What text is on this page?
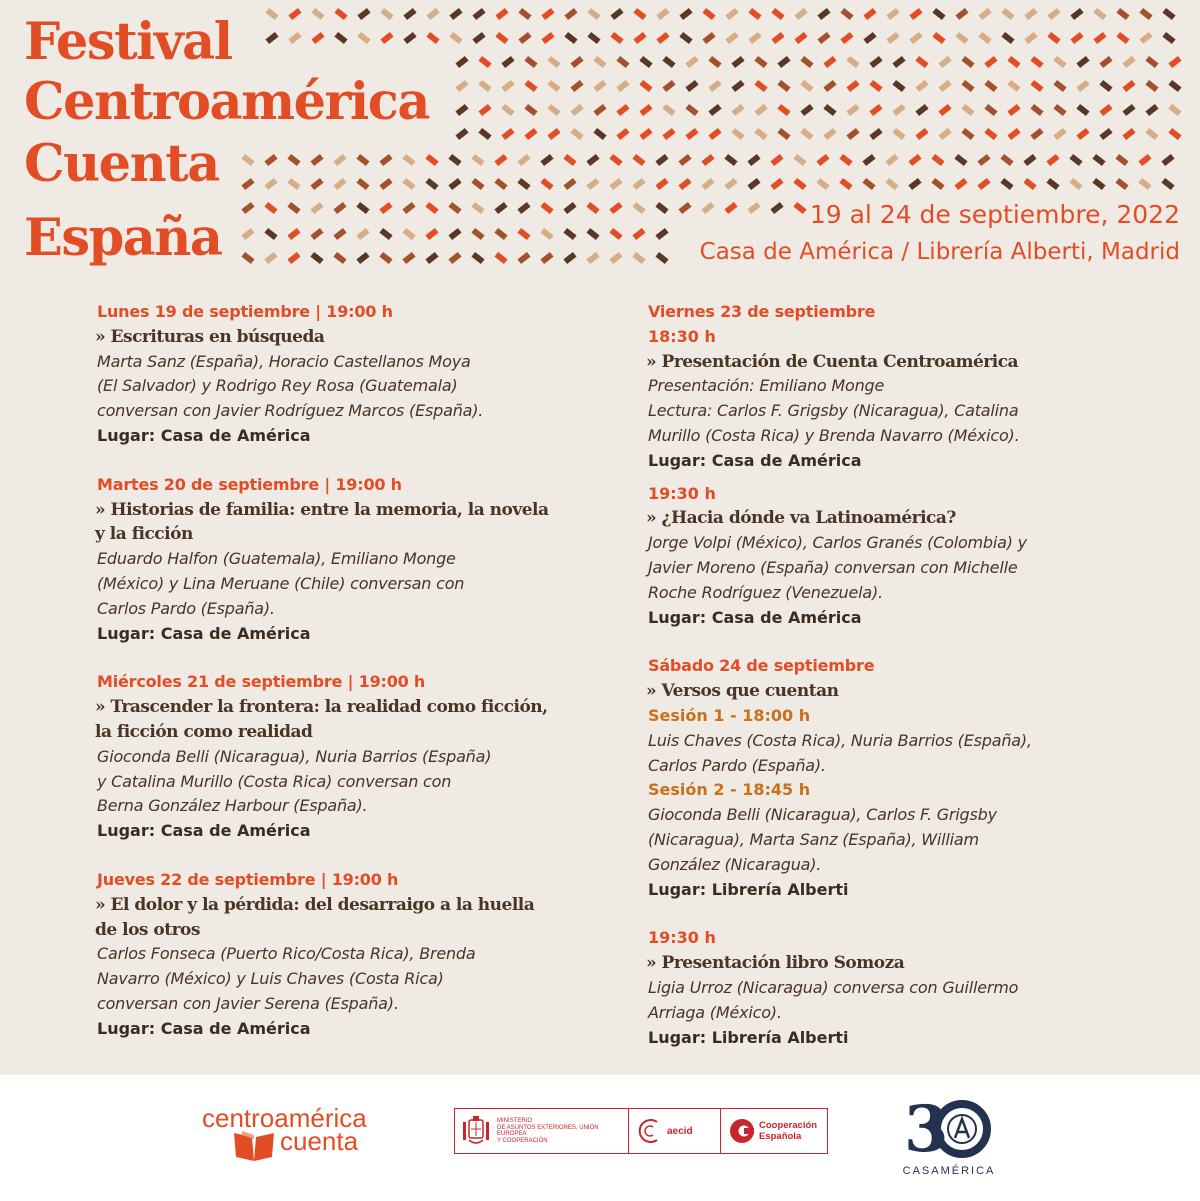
Festival
Centroamérica
Cuenta
España	19 al 24 de septiembre, 2022
Casa de América / Librería Alberti, Madrid
Lunes 19 de septiembre | 19:00 h
» Escrituras en búsqueda
Marta Sanz (España), Horacio Castellanos Moya
(El Salvador) y Rodrigo Rey Rosa (Guatemala)
conversan con Javier Rodríguez Marcos (España).
Lugar: Casa de América
Martes 20 de septiembre | 19:00 h
» Historias de familia: entre la memoria, la novela y la ficción
Eduardo Halfon (Guatemala), Emiliano Monge
(México) y Lina Meruane (Chile) conversan con
Carlos Pardo (España).
Lugar: Casa de América
Miércoles 21 de septiembre | 19:00 h
» Trascender la frontera: la realidad como ficción, la ficción como realidad
Gioconda Belli (Nicaragua), Nuria Barrios (España)
y Catalina Murillo (Costa Rica) conversan con
Berna González Harbour (España).
Lugar: Casa de América
Jueves 22 de septiembre | 19:00 h
» El dolor y la pérdida: del desarraigo a la huella de los otros
Carlos Fonseca (Puerto Rico/Costa Rica), Brenda
Navarro (México) y Luis Chaves (Costa Rica)
conversan con Javier Serena (España).
Lugar: Casa de América
Viernes 23 de septiembre
18:30 h
» Presentación de Cuenta Centroamérica
Presentación: Emiliano Monge
Lectura: Carlos F. Grigsby (Nicaragua), Catalina
Murillo (Costa Rica) y Brenda Navarro (México).
Lugar: Casa de América
19:30 h
» ¿Hacia dónde va Latinoamérica?
Jorge Volpi (México), Carlos Granés (Colombia) y
Javier Moreno (España) conversan con Michelle
Roche Rodríguez (Venezuela).
Lugar: Casa de América
Sábado 24 de septiembre
» Versos que cuentan
Sesión 1 - 18:00 h
Luis Chaves (Costa Rica), Nuria Barrios (España),
Carlos Pardo (España).
Sesión 2 - 18:45 h
Gioconda Belli (Nicaragua), Carlos F. Grigsby
(Nicaragua), Marta Sanz (España), William
González (Nicaragua).
Lugar: Librería Alberti
19:30 h
» Presentación libro Somoza
Ligia Urroz (Nicaragua) conversa con Guillermo
Arriaga (México).
Lugar: Librería Alberti
centroamérica
cuenta
MINISTERIO
DE ASUNTOS EXTERIORES, UNIÓN EUROPEA
Y COOPERACIÓN
aecid	Cooperación
Española 3
CASAMÉRICA
